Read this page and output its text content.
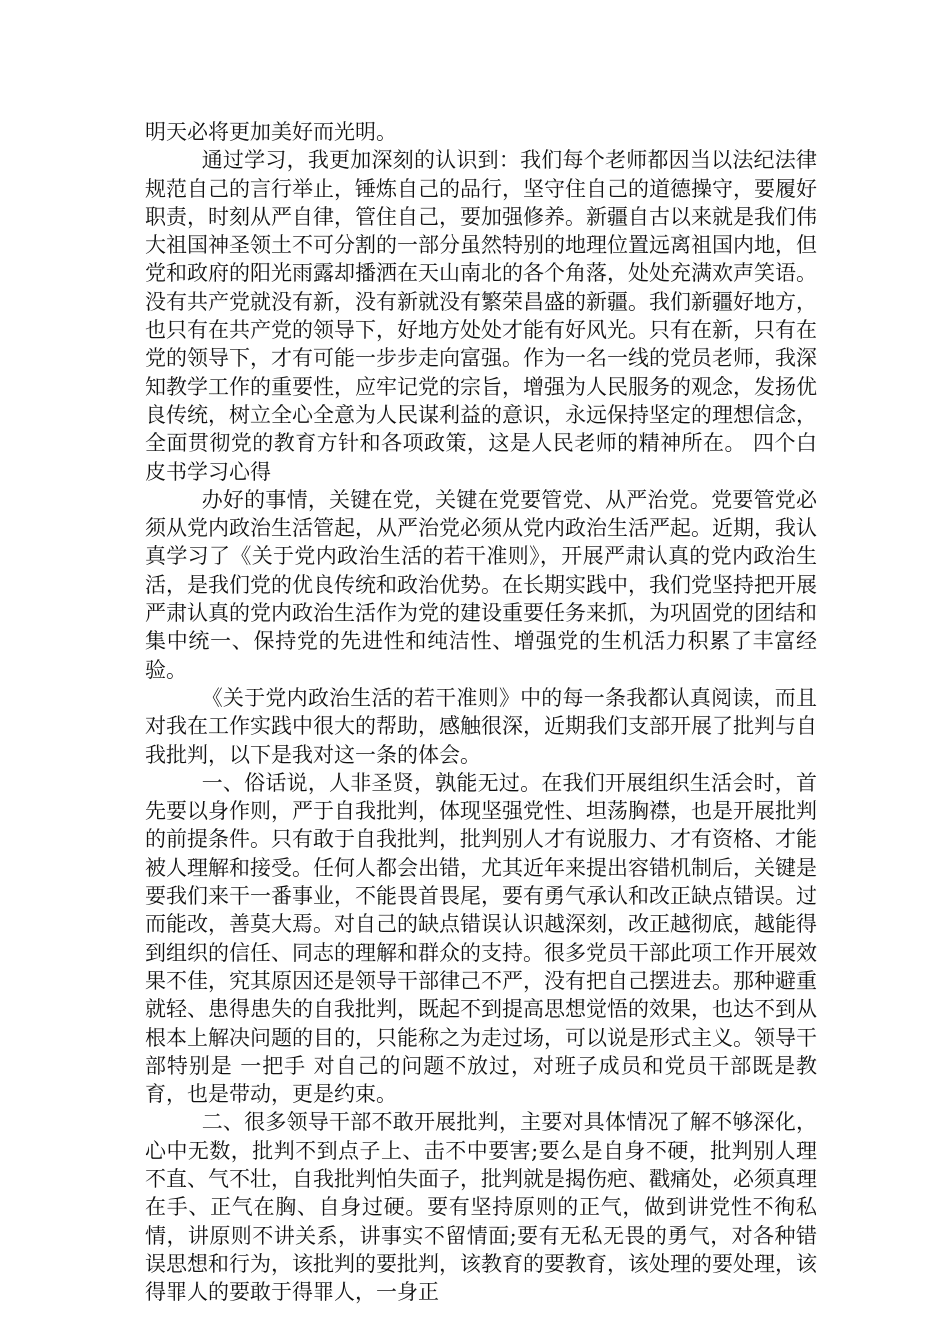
明天必将更加美好而光明。

通过学习，我更加深刻的认识到：我们每个老师都因当以法纪法律规范自己的言行举止，锤炼自己的品行，坚守住自己的道德操守，要履好职责，时刻从严自律，管住自己，要加强修养。新疆自古以来就是我们伟大祖国神圣领土不可分割的一部分虽然特别的地理位置远离祖国内地，但党和政府的阳光雨露却播洒在天山南北的各个角落，处处充满欢声笑语。没有共产党就没有新，没有新就没有繁荣昌盛的新疆。我们新疆好地方，也只有在共产党的领导下，好地方处处才能有好风光。只有在新，只有在党的领导下，才有可能一步步走向富强。作为一名一线的党员老师，我深知教学工作的重要性，应牢记党的宗旨，增强为人民服务的观念，发扬优良传统，树立全心全意为人民谋利益的意识，永远保持坚定的理想信念，全面贯彻党的教育方针和各项政策，这是人民老师的精神所在。 四个白皮书学习心得

办好的事情，关键在党，关键在党要管党、从严治党。党要管党必须从党内政治生活管起，从严治党必须从党内政治生活严起。近期，我认真学习了《关于党内政治生活的若干准则》，开展严肃认真的党内政治生活，是我们党的优良传统和政治优势。在长期实践中，我们党坚持把开展严肃认真的党内政治生活作为党的建设重要任务来抓，为巩固党的团结和集中统一、保持党的先进性和纯洁性、增强党的生机活力积累了丰富经验。

《关于党内政治生活的若干准则》中的每一条我都认真阅读，而且对我在工作实践中很大的帮助，感触很深，近期我们支部开展了批判与自我批判，以下是我对这一条的体会。

一、俗话说，人非圣贤，孰能无过。在我们开展组织生活会时，首先要以身作则，严于自我批判，体现坚强党性、坦荡胸襟，也是开展批判的前提条件。只有敢于自我批判，批判别人才有说服力、才有资格、才能被人理解和接受。任何人都会出错，尤其近年来提出容错机制后，关键是要我们来干一番事业，不能畏首畏尾，要有勇气承认和改正缺点错误。过而能改，善莫大焉。对自己的缺点错误认识越深刻，改正越彻底，越能得到组织的信任、同志的理解和群众的支持。很多党员干部此项工作开展效果不佳，究其原因还是领导干部律己不严，没有把自己摆进去。那种避重就轻、患得患失的自我批判，既起不到提高思想觉悟的效果，也达不到从根本上解决问题的目的，只能称之为走过场，可以说是形式主义。领导干部特别是 一把手 对自己的问题不放过，对班子成员和党员干部既是教育，也是带动，更是约束。

二、很多领导干部不敢开展批判，主要对具体情况了解不够深化，心中无数，批判不到点子上、击不中要害;要么是自身不硬，批判别人理不直、气不壮，自我批判怕失面子，批判就是揭伤疤、戳痛处，必须真理在手、正气在胸、自身过硬。要有坚持原则的正气，做到讲党性不徇私情，讲原则不讲关系，讲事实不留情面;要有无私无畏的勇气，对各种错误思想和行为，该批判的要批判，该教育的要教育，该处理的要处理，该得罪人的要敢于得罪人，一身正
